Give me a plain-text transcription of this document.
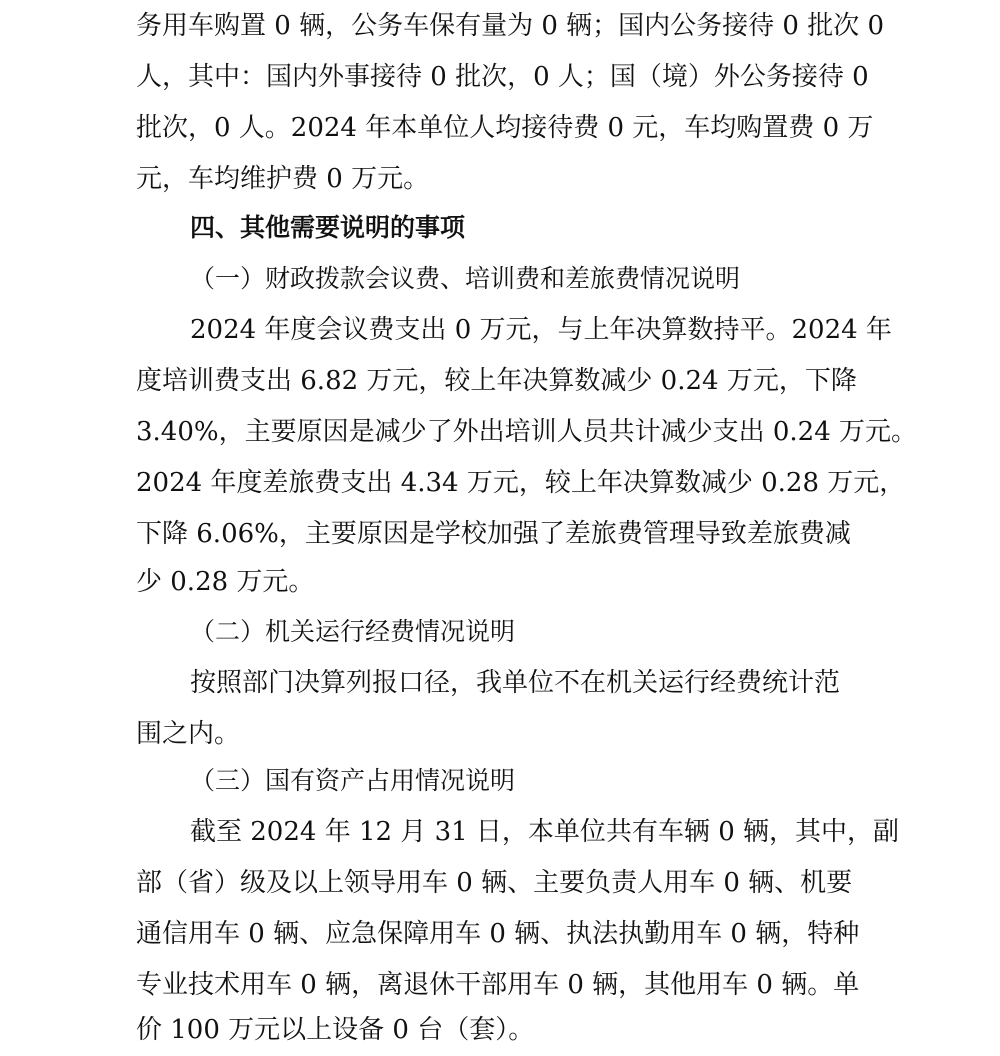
务用车购置 0 辆，公务车保有量为 0 辆；国内公务接待 0 批次 0
人，其中：国内外事接待 0 批次，0 人；国（境）外公务接待 0
批次，0 人。2024 年本单位人均接待费 0 元，车均购置费 0 万
元，车均维护费 0 万元。
四、其他需要说明的事项
（一）财政拨款会议费、培训费和差旅费情况说明
2024 年度会议费支出 0 万元，与上年决算数持平。2024 年
度培训费支出 6.82 万元，较上年决算数减少 0.24 万元，下降
3.40%，主要原因是减少了外出培训人员共计减少支出 0.24 万元。
2024 年度差旅费支出 4.34 万元，较上年决算数减少 0.28 万元，
下降 6.06%，主要原因是学校加强了差旅费管理导致差旅费减
少 0.28 万元。
（二）机关运行经费情况说明
按照部门决算列报口径，我单位不在机关运行经费统计范
围之内。
（三）国有资产占用情况说明
截至 2024 年 12 月 31 日，本单位共有车辆 0 辆，其中，副
部（省）级及以上领导用车 0 辆、主要负责人用车 0 辆、机要
通信用车 0 辆、应急保障用车 0 辆、执法执勤用车 0 辆，特种
专业技术用车 0 辆，离退休干部用车 0 辆，其他用车 0 辆。单
价 100 万元以上设备 0 台（套）。
